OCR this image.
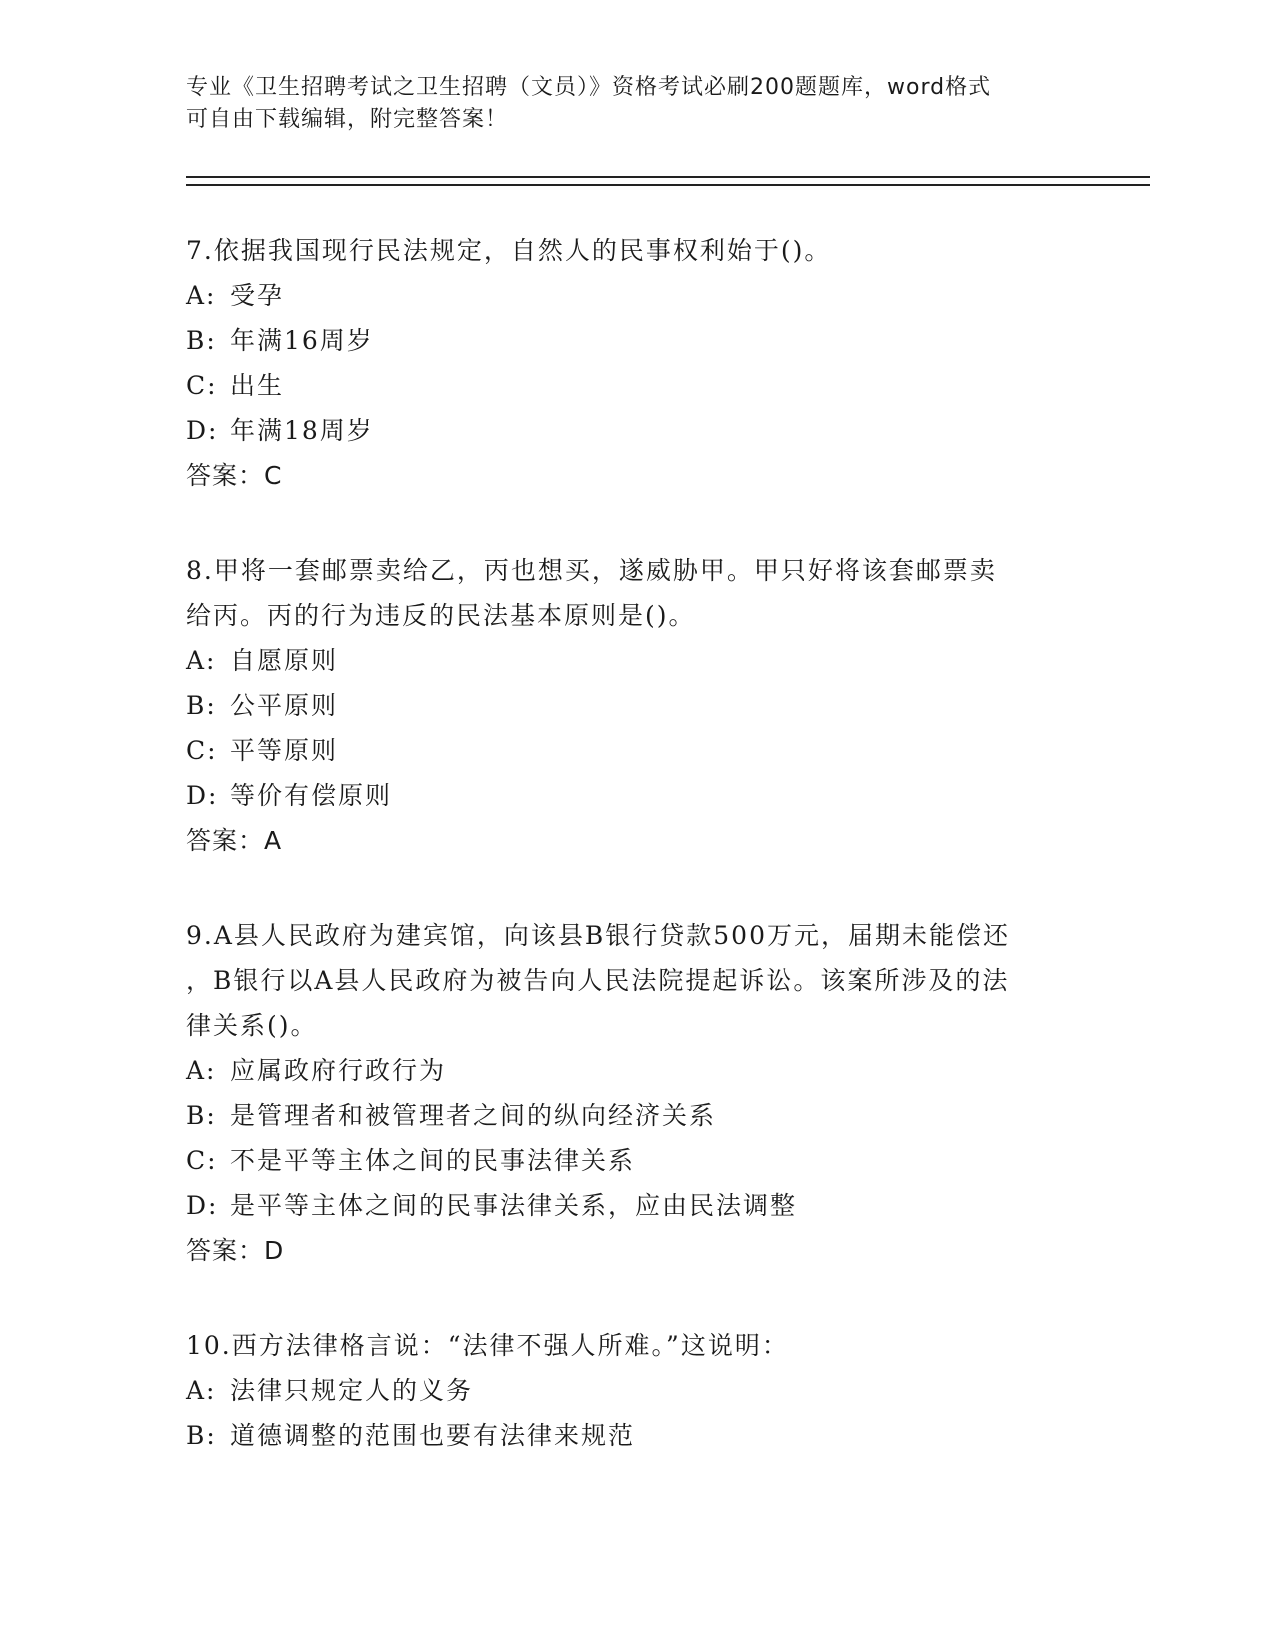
专业《卫生招聘考试之卫生招聘（文员）》资格考试必刷200题题库，word格式
可自由下载编辑，附完整答案！
7.依据我国现行民法规定，自然人的民事权利始于()。
A: 受孕
B: 年满16周岁
C: 出生
D: 年满18周岁
答案：C
8.甲将一套邮票卖给乙，丙也想买，遂威胁甲。甲只好将该套邮票卖
给丙。丙的行为违反的民法基本原则是()。
A: 自愿原则
B: 公平原则
C: 平等原则
D: 等价有偿原则
答案：A
9.A县人民政府为建宾馆，向该县B银行贷款500万元，届期未能偿还
，B银行以A县人民政府为被告向人民法院提起诉讼。该案所涉及的法
律关系()。
A: 应属政府行政行为
B: 是管理者和被管理者之间的纵向经济关系
C: 不是平等主体之间的民事法律关系
D: 是平等主体之间的民事法律关系，应由民法调整
答案：D
10.西方法律格言说：“法律不强人所难。”这说明：
A: 法律只规定人的义务
B: 道德调整的范围也要有法律来规范
